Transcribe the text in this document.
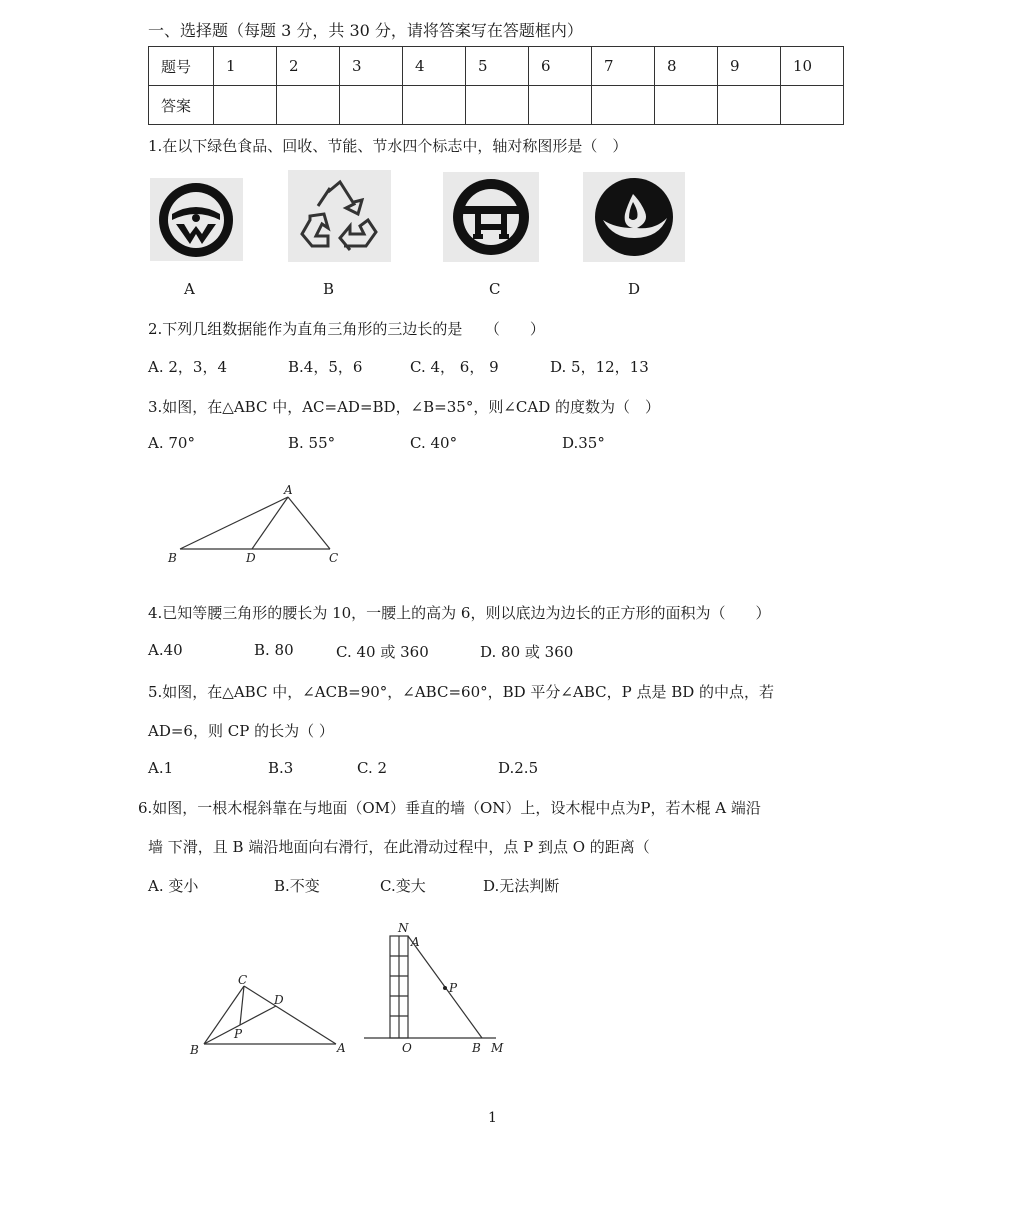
一、选择题（每题 3 分，共 30 分，请将答案写在答题框内）
题号	1	2	3	4	5	6	7	8	9	10
答案										
1.在以下绿色食品、回收、节能、节水四个标志中，轴对称图形是（　）
A	B	C	D
2.下列几组数据能作为直角三角形的三边长的是　　（　　）
A. 2，3，4	B.4，5，6	C. 4， 6， 9	D. 5，12，13
3.如图，在△ABC 中，AC=AD=BD，∠B=35°，则∠CAD 的度数为（　）
A. 70°	B. 55°	C. 40°	D.35°
A
B	D	C
4.已知等腰三角形的腰长为 10，一腰上的高为 6，则以底边为边长的正方形的面积为（　　）
A.40	B. 80	C. 40 或 360	D. 80 或 360
5.如图，在△ABC 中，∠ACB=90°，∠ABC=60°，BD 平分∠ABC，P 点是 BD 的中点，若
AD=6，则 CP 的长为（ ）
A.1	B.3	C. 2	D.2.5
6.如图，一根木棍斜靠在与地面（OM）垂直的墙（ON）上，设木棍中点为P，若木棍 A 端沿
墙 下滑，且 B 端沿地面向右滑行，在此滑动过程中，点 P 到点 O 的距离（
A. 变小	B.不变	C.变大	D.无法判断
C
D
P
B	A
N
A
P
O	B M
1
